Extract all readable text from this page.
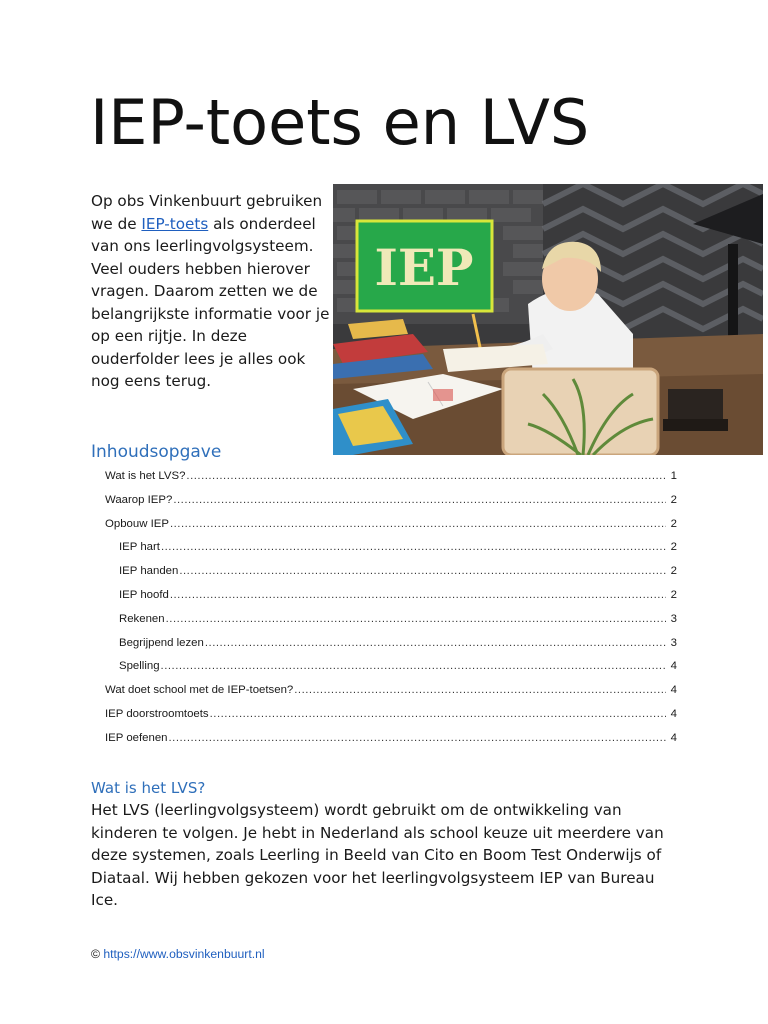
IEP-toets en LVS

Op obs Vinkenbuurt gebruiken we de IEP-toets als onderdeel van ons leerlingvolgsysteem. Veel ouders hebben hierover vragen. Daarom zetten we de belangrijkste informatie voor je op een rijtje. In deze ouderfolder lees je alles ook nog eens terug.

IEP
Inhoudsopgave
Wat is het LVS? .....	1
Waarop IEP? .....	2
Opbouw IEP .....	2
IEP hart .....	2
IEP handen .....	2
IEP hoofd .....	2
Rekenen .....	3
Begrijpend lezen .....	3
Spelling .....	4
Wat doet school met de IEP-toetsen? .....	4
IEP doorstroomtoets .....	4
IEP oefenen .....	4
Wat is het LVS?

Het LVS (leerlingvolgsysteem) wordt gebruikt om de ontwikkeling van kinderen te volgen. Je hebt in Nederland als school keuze uit meerdere van deze systemen, zoals Leerling in Beeld van Cito en Boom Test Onderwijs of Diataal. Wij hebben gekozen voor het leerlingvolgsysteem IEP van Bureau Ice.

© https://www.obsvinkenbuurt.nl
